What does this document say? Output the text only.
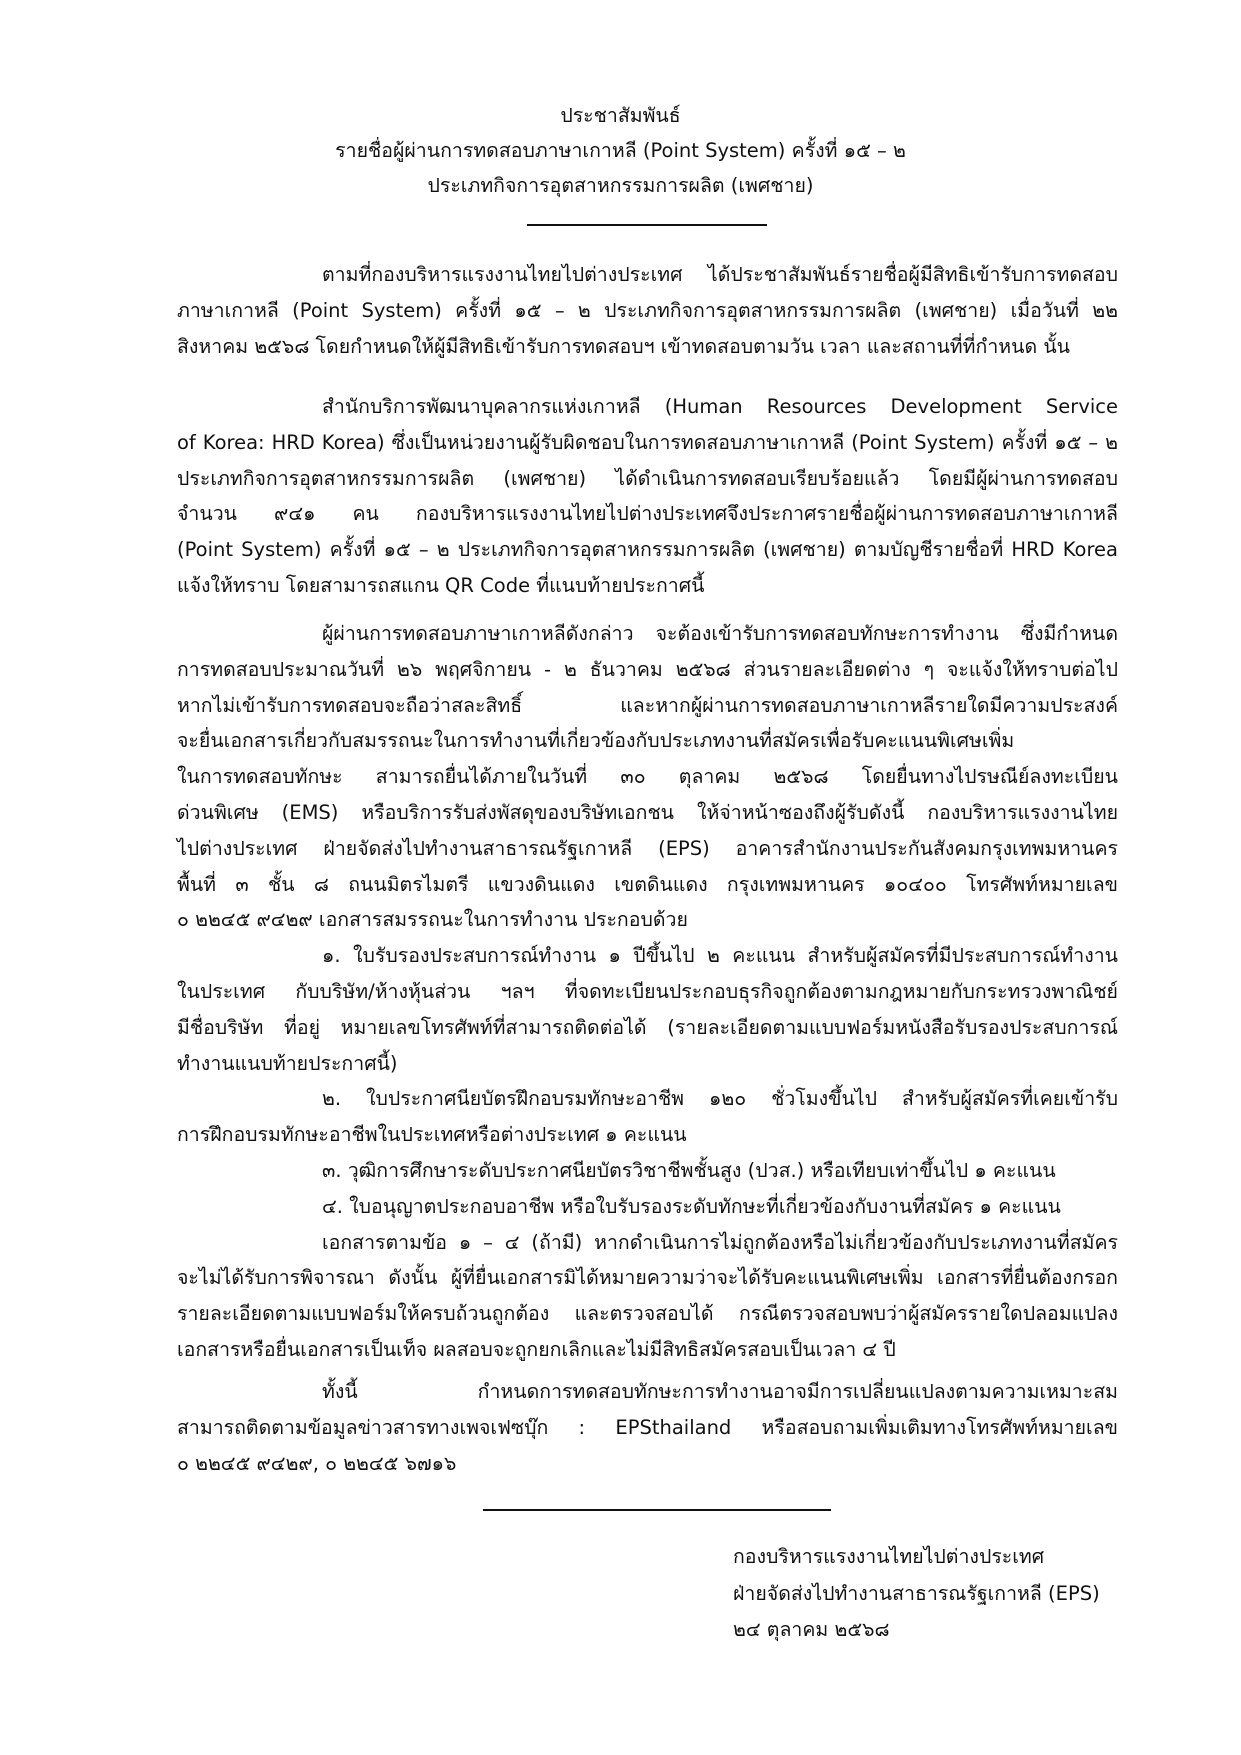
ประชาสัมพันธ์
รายชื่อผู้ผ่านการทดสอบภาษาเกาหลี (Point System) ครั้งที่ ๑๕ – ๒
ประเภทกิจการอุตสาหกรรมการผลิต (เพศชาย)
ตามที่กองบริหารแรงงานไทยไปต่างประเทศ ได้ประชาสัมพันธ์รายชื่อผู้มีสิทธิเข้ารับการทดสอบ
ภาษาเกาหลี (Point System) ครั้งที่ ๑๕ – ๒ ประเภทกิจการอุตสาหกรรมการผลิต (เพศชาย) เมื่อวันที่ ๒๒
สิงหาคม ๒๕๖๘ โดยกำหนดให้ผู้มีสิทธิเข้ารับการทดสอบฯ เข้าทดสอบตามวัน เวลา และสถานที่ที่กำหนด นั้น
สำนักบริการพัฒนาบุคลากรแห่งเกาหลี (Human Resources Development Service
of Korea: HRD Korea) ซึ่งเป็นหน่วยงานผู้รับผิดชอบในการทดสอบภาษาเกาหลี (Point System) ครั้งที่ ๑๕ – ๒
ประเภทกิจการอุตสาหกรรมการผลิต (เพศชาย) ได้ดำเนินการทดสอบเรียบร้อยแล้ว โดยมีผู้ผ่านการทดสอบ
จำนวน ๙๔๑ คน กองบริหารแรงงานไทยไปต่างประเทศจึงประกาศรายชื่อผู้ผ่านการทดสอบภาษาเกาหลี
(Point System) ครั้งที่ ๑๕ – ๒ ประเภทกิจการอุตสาหกรรมการผลิต (เพศชาย) ตามบัญชีรายชื่อที่ HRD Korea
แจ้งให้ทราบ โดยสามารถสแกน QR Code ที่แนบท้ายประกาศนี้
ผู้ผ่านการทดสอบภาษาเกาหลีดังกล่าว จะต้องเข้ารับการทดสอบทักษะการทำงาน ซึ่งมีกำหนด
การทดสอบประมาณวันที่ ๒๖ พฤศจิกายน - ๒ ธันวาคม ๒๕๖๘ ส่วนรายละเอียดต่าง ๆ จะแจ้งให้ทราบต่อไป
หากไม่เข้ารับการทดสอบจะถือว่าสละสิทธิ์ และหากผู้ผ่านการทดสอบภาษาเกาหลีรายใดมีความประสงค์
จะยื่นเอกสารเกี่ยวกับสมรรถนะในการทำงานที่เกี่ยวข้องกับประเภทงานที่สมัครเพื่อรับคะแนนพิเศษเพิ่ม
ในการทดสอบทักษะ สามารถยื่นได้ภายในวันที่ ๓๐ ตุลาคม ๒๕๖๘ โดยยื่นทางไปรษณีย์ลงทะเบียน
ด่วนพิเศษ (EMS) หรือบริการรับส่งพัสดุของบริษัทเอกชน ให้จ่าหน้าซองถึงผู้รับดังนี้ กองบริหารแรงงานไทย
ไปต่างประเทศ ฝ่ายจัดส่งไปทำงานสาธารณรัฐเกาหลี (EPS) อาคารสำนักงานประกันสังคมกรุงเทพมหานคร
พื้นที่ ๓ ชั้น ๘ ถนนมิตรไมตรี แขวงดินแดง เขตดินแดง กรุงเทพมหานคร ๑๐๔๐๐ โทรศัพท์หมายเลข
๐ ๒๒๔๕ ๙๔๒๙ เอกสารสมรรถนะในการทำงาน ประกอบด้วย
๑. ใบรับรองประสบการณ์ทำงาน ๑ ปีขึ้นไป ๒ คะแนน สำหรับผู้สมัครที่มีประสบการณ์ทำงาน
ในประเทศ กับบริษัท/ห้างหุ้นส่วน ฯลฯ ที่จดทะเบียนประกอบธุรกิจถูกต้องตามกฎหมายกับกระทรวงพาณิชย์
มีชื่อบริษัท ที่อยู่ หมายเลขโทรศัพท์ที่สามารถติดต่อได้ (รายละเอียดตามแบบฟอร์มหนังสือรับรองประสบการณ์
ทำงานแนบท้ายประกาศนี้)
๒. ใบประกาศนียบัตรฝึกอบรมทักษะอาชีพ ๑๒๐ ชั่วโมงขึ้นไป สำหรับผู้สมัครที่เคยเข้ารับ
การฝึกอบรมทักษะอาชีพในประเทศหรือต่างประเทศ ๑ คะแนน
๓. วุฒิการศึกษาระดับประกาศนียบัตรวิชาชีพชั้นสูง (ปวส.) หรือเทียบเท่าขึ้นไป ๑ คะแนน
๔. ใบอนุญาตประกอบอาชีพ หรือใบรับรองระดับทักษะที่เกี่ยวข้องกับงานที่สมัคร ๑ คะแนน
เอกสารตามข้อ ๑ – ๔ (ถ้ามี) หากดำเนินการไม่ถูกต้องหรือไม่เกี่ยวข้องกับประเภทงานที่สมัคร
จะไม่ได้รับการพิจารณา ดังนั้น ผู้ที่ยื่นเอกสารมิได้หมายความว่าจะได้รับคะแนนพิเศษเพิ่ม เอกสารที่ยื่นต้องกรอก
รายละเอียดตามแบบฟอร์มให้ครบถ้วนถูกต้อง และตรวจสอบได้ กรณีตรวจสอบพบว่าผู้สมัครรายใดปลอมแปลง
เอกสารหรือยื่นเอกสารเป็นเท็จ ผลสอบจะถูกยกเลิกและไม่มีสิทธิสมัครสอบเป็นเวลา ๔ ปี
ทั้งนี้ กำหนดการทดสอบทักษะการทำงานอาจมีการเปลี่ยนแปลงตามความเหมาะสม
สามารถติดตามข้อมูลข่าวสารทางเพจเฟซบุ๊ก : EPSthailand หรือสอบถามเพิ่มเติมทางโทรศัพท์หมายเลข
๐ ๒๒๔๕ ๙๔๒๙, ๐ ๒๒๔๕ ๖๗๑๖
กองบริหารแรงงานไทยไปต่างประเทศ
ฝ่ายจัดส่งไปทำงานสาธารณรัฐเกาหลี (EPS)
๒๔ ตุลาคม ๒๕๖๘
